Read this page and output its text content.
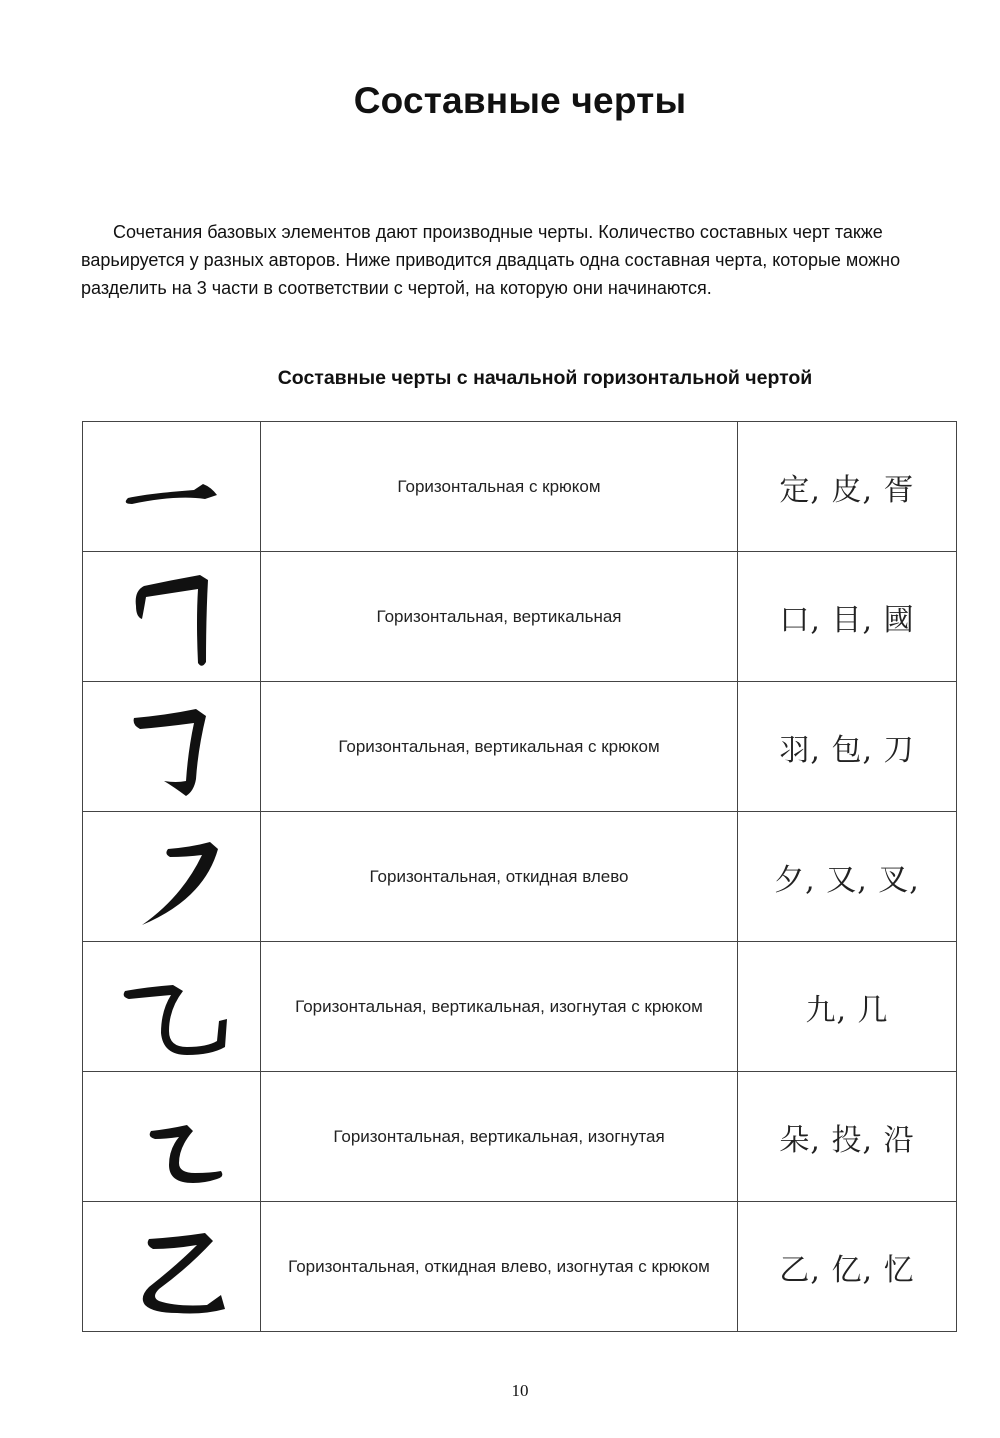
Составные черты

Сочетания базовых элементов дают производные черты. Количество составных черт также варьируется у разных авторов. Ниже приводится двадцать одна составная черта, которые можно разделить на 3 части в соответствии с чертой, на которую они начинаются.

Составные черты с начальной горизонтальной чертой
	Горизонтальная с крюком	定, 皮, 胥

	Горизонтальная, вертикальная	口, 目, 國

	Горизонтальная, вертикальная с крюком	羽, 包, 刀

	Горизонтальная, откидная влево	夕, 又, 叉,

	Горизонтальная, вертикальная, изогнутая с крюком	九, 几

	Горизонтальная, вертикальная, изогнутая	朵, 投, 沿

	Горизонтальная, откидная влево, изогнутая с крюком	乙, 亿, 忆
10
